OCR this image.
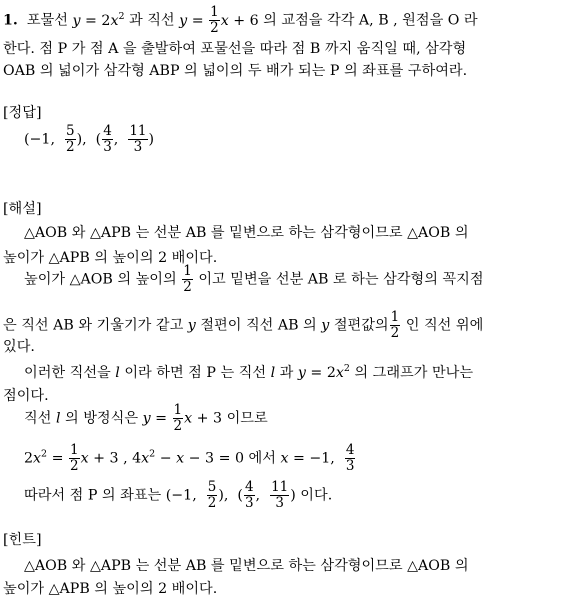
1. 포물선 $y = 2x^2$ 과 직선 $y = \frac{1}{2}$ x + 6 의 교점을 각각 A, B , 원점을 O 라
한다. 점 P 가 점 A 을 출발하여 포물선을 따라 점 B 까지 움직일 때, 삼각형
OAB 의 넓이가 삼각형 ABP 의 넓이의 두 배가 되는 P 의 좌표를 구하여라.
[정답]
(−1, $\frac{5}{2}$ ),  ( $\frac{4}{3}$ , $\frac{11}{3}$ )
[해설]
△AOB 와 △APB 는 선분 AB 를 밑변으로 하는 삼각형이므로 △AOB 의
높이가 △APB 의 높이의 2 배이다.
높이가 △AOB 의 높이의 $\frac{1}{2}$ 이고 밑변을 선분 AB 로 하는 삼각형의 꼭지점
은 직선 AB 와 기울기가 같고 y 절편이 직선 AB 의 y 절편값의 $\frac{1}{2}$ 인 직선 위에
있다.
이러한 직선을 l 이라 하면 점 P 는 직선 l 과 $y = 2x^2$ 의 그래프가 만나는
점이다.
직선 l 의 방정식은 $y = \frac{1}{2}$ x + 3 이므로
$2x^2 = \frac{1}{2}$ x + 3 , $4x^2 - x - 3 = 0$ 에서 x = −1, $\frac{4}{3}$
따라서 점 P 의 좌표는 (−1, $\frac{5}{2}$ ),  ( $\frac{4}{3}$ , $\frac{11}{3}$ ) 이다.
[힌트]
△AOB 와 △APB 는 선분 AB 를 밑변으로 하는 삼각형이므로 △AOB 의
높이가 △APB 의 높이의 2 배이다.
